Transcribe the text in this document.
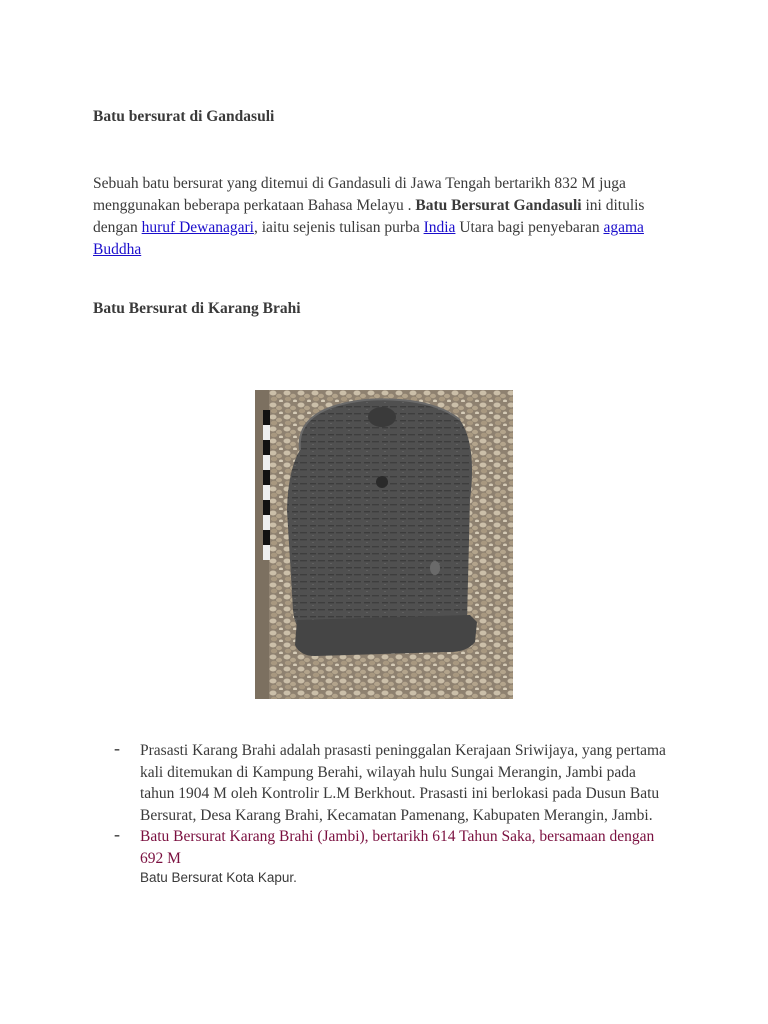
Batu bersurat di Gandasuli
Sebuah batu bersurat yang ditemui di Gandasuli di Jawa Tengah bertarikh 832 M juga menggunakan beberapa perkataan Bahasa Melayu . Batu Bersurat Gandasuli ini ditulis dengan huruf Dewanagari, iaitu sejenis tulisan purba India Utara bagi penyebaran agama Buddha
Batu Bersurat di Karang Brahi
- Prasasti Karang Brahi adalah prasasti peninggalan Kerajaan Sriwijaya, yang pertama kali ditemukan di Kampung Berahi, wilayah hulu Sungai Merangin, Jambi pada tahun 1904 M oleh Kontrolir L.M Berkhout. Prasasti ini berlokasi pada Dusun Batu Bersurat, Desa Karang Brahi, Kecamatan Pamenang, Kabupaten Merangin, Jambi.
- Batu Bersurat Karang Brahi (Jambi), bertarikh 614 Tahun Saka, bersamaan dengan 692 M
Batu Bersurat Kota Kapur.
